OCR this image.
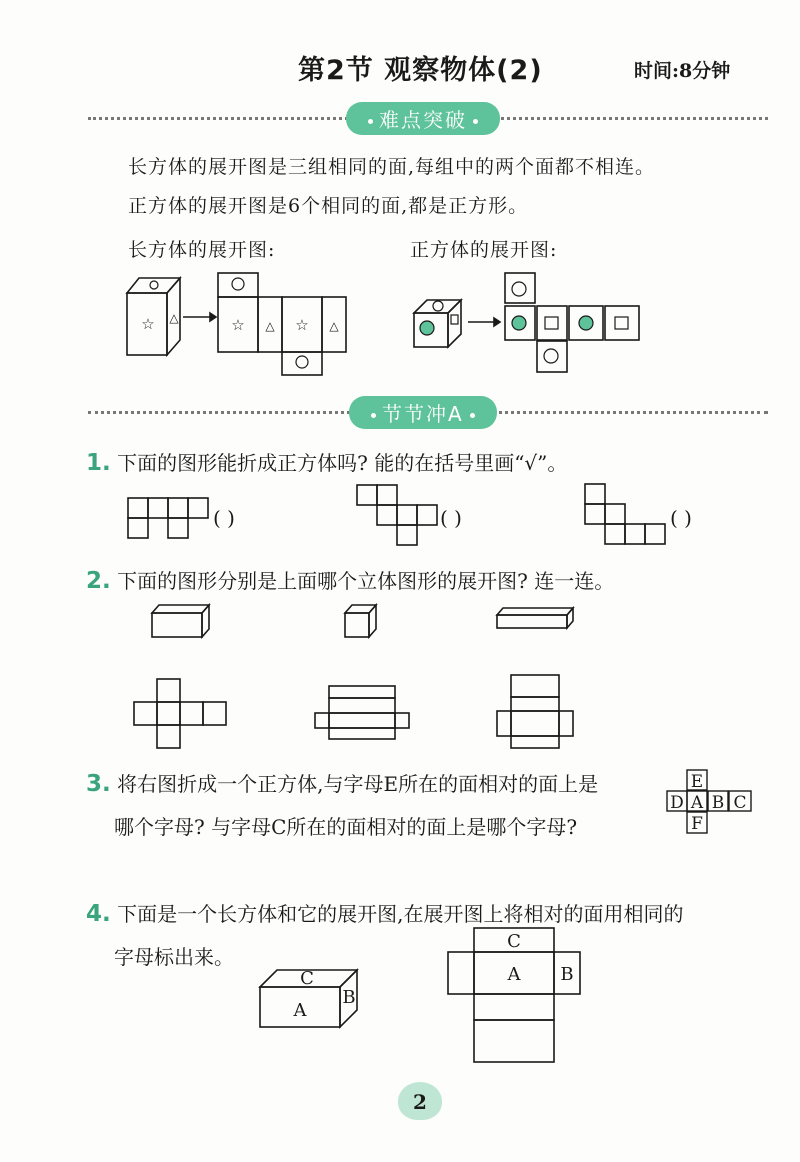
第2节 观察物体(2)	时间:8分钟
难点突破
长方体的展开图是三组相同的面,每组中的两个面都不相连。
正方体的展开图是6个相同的面,都是正方形。
长方体的展开图:	正方体的展开图:
☆ △	☆ △ ☆ △
节节冲A
1. 下面的图形能折成正方体吗? 能的在括号里画“√”。
( )	( )	( )
2. 下面的图形分别是上面哪个立体图形的展开图? 连一连。
3. 将右图折成一个正方体,与字母E所在的面相对的面上是
哪个字母? 与字母C所在的面相对的面上是哪个字母?
E
D A B C
F
4. 下面是一个长方体和它的展开图,在展开图上将相对的面用相同的
字母标出来。
C
A
B
C
A B
2
